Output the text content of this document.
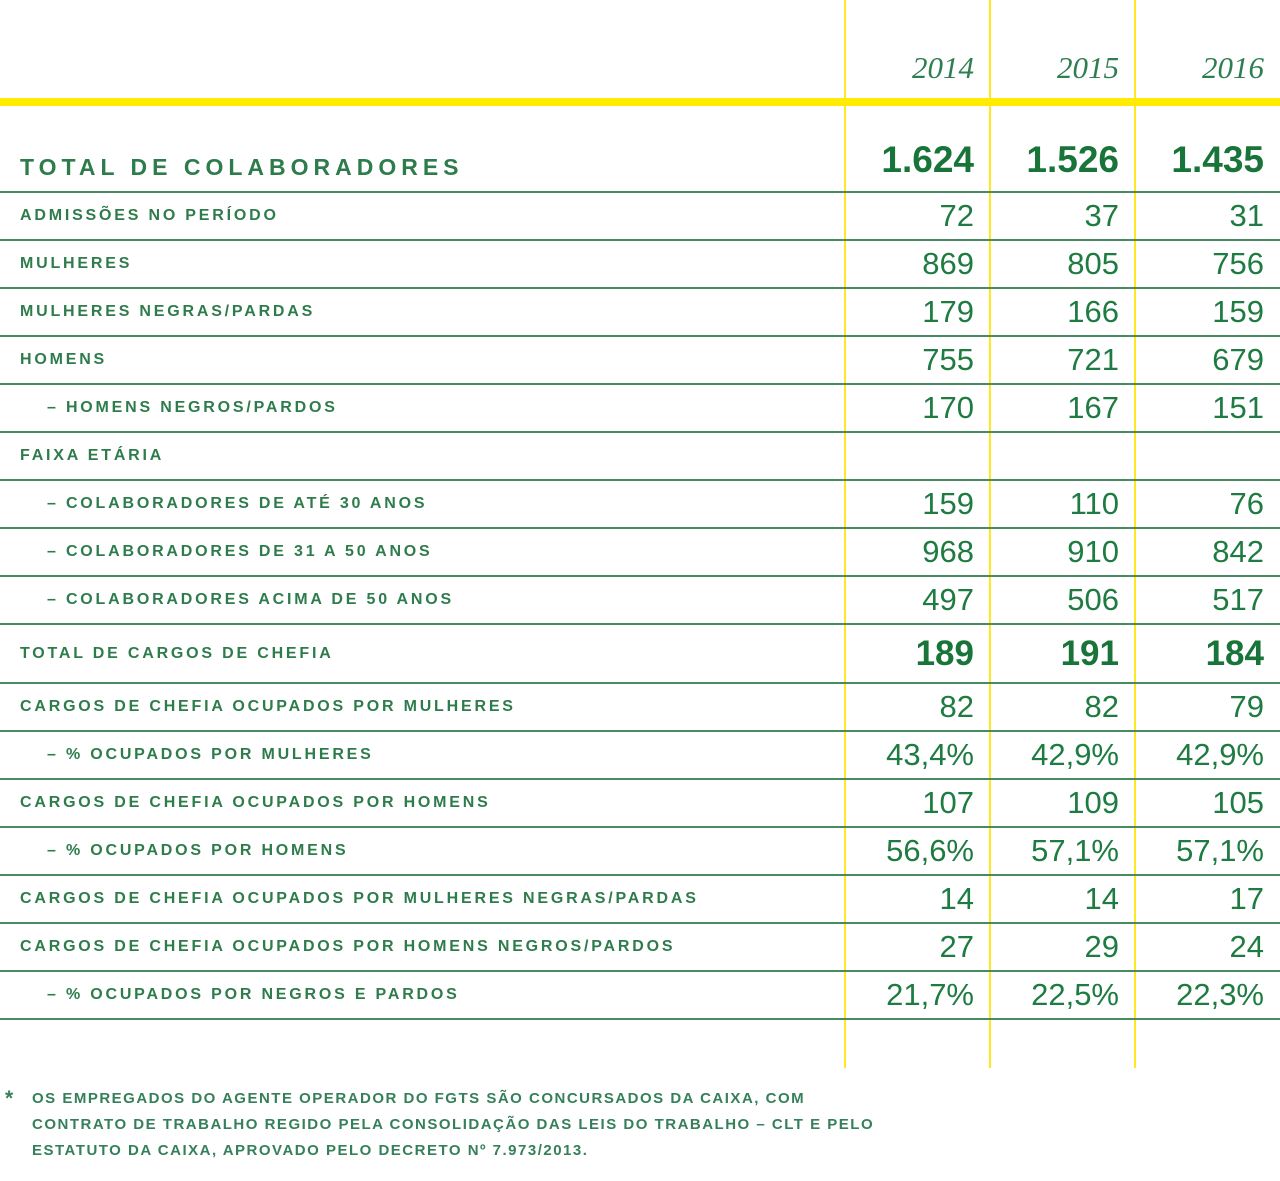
2014	2015	2016
TOTAL DE COLABORADORES	1.624	1.526	1.435
ADMISSÕES NO PERÍODO	72	37	31
MULHERES	869	805	756
MULHERES NEGRAS/PARDAS	179	166	159
HOMENS	755	721	679
– HOMENS NEGROS/PARDOS	170	167	151
FAIXA ETÁRIA
– COLABORADORES DE ATÉ 30 ANOS	159	110	76
– COLABORADORES DE 31 A 50 ANOS	968	910	842
– COLABORADORES ACIMA DE 50 ANOS	497	506	517
TOTAL DE CARGOS DE CHEFIA	189	191	184
CARGOS DE CHEFIA OCUPADOS POR MULHERES	82	82	79
– % OCUPADOS POR MULHERES	43,4%	42,9%	42,9%
CARGOS DE CHEFIA OCUPADOS POR HOMENS	107	109	105
– % OCUPADOS POR HOMENS	56,6%	57,1%	57,1%
CARGOS DE CHEFIA OCUPADOS POR MULHERES NEGRAS/PARDAS	14	14	17
CARGOS DE CHEFIA OCUPADOS POR HOMENS NEGROS/PARDOS	27	29	24
– % OCUPADOS POR NEGROS E PARDOS	21,7%	22,5%	22,3%
*	OS EMPREGADOS DO AGENTE OPERADOR DO FGTS SÃO CONCURSADOS DA CAIXA, COM
CONTRATO DE TRABALHO REGIDO PELA CONSOLIDAÇÃO DAS LEIS DO TRABALHO – CLT E PELO
ESTATUTO DA CAIXA, APROVADO PELO DECRETO Nº 7.973/2013.
